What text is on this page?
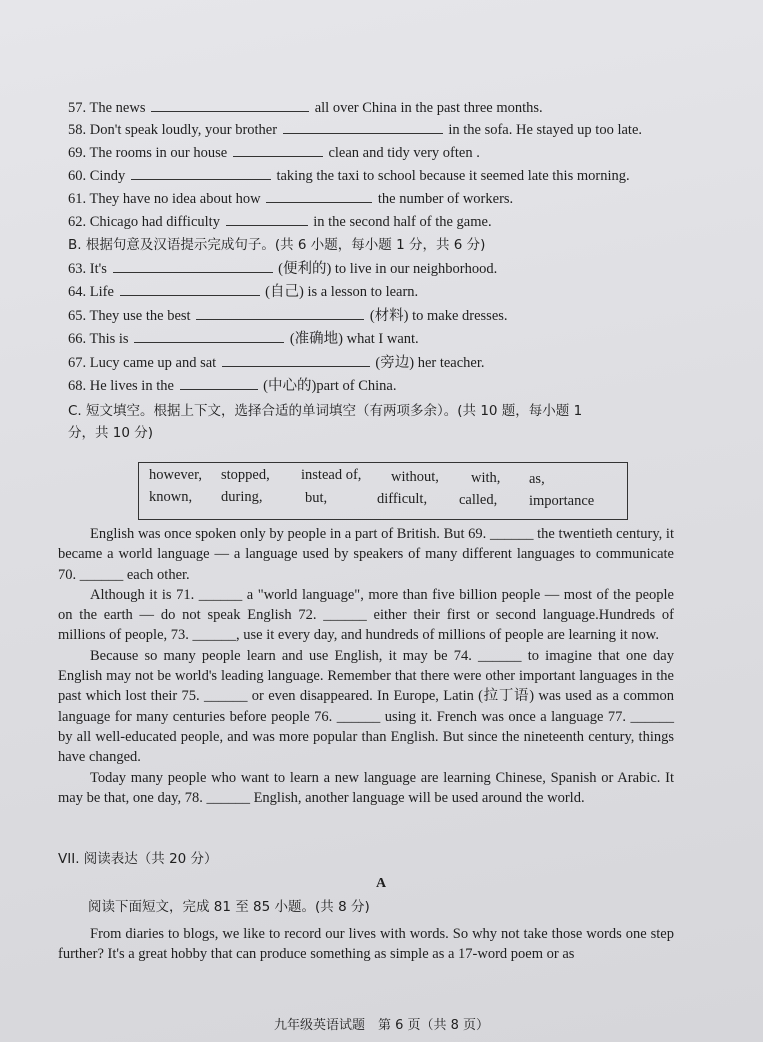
57. The news	all over China in the past three months.
58. Don't speak loudly, your brother	in the sofa. He stayed up too late.
69. The rooms in our house	clean and tidy very often .
60. Cindy	taking the taxi to school because it seemed late this morning.
61. They have no idea about how	the number of workers.
62. Chicago had difficulty	in the second half of the game.
B. 根据句意及汉语提示完成句子。(共 6 小题，每小题 1 分，共 6 分)
63. It's	(便利的) to live in our neighborhood.
64. Life	(自己) is a lesson to learn.
65. They use the best	(材料) to make dresses.
66. This is	(准确地) what I want.
67. Lucy came up and sat	(旁边) her teacher.
68. He lives in the	(中心的)part of China.
C. 短文填空。根据上下文，选择合适的单词填空（有两项多余）。(共 10 题，每小题 1
分，共 10 分)
however, stopped, instead of, without, with, as,
known, during,	but,	difficult, called, importance

English was once spoken only by people in a part of British. But 69. ______ the twentieth century, it became a world language — a language used by speakers of many different languages to communicate 70. ______ each other.

Although it is 71. ______ a "world language", more than five billion people — most of the people on the earth — do not speak English 72. ______ either their first or second language.Hundreds of millions of people, 73. ______, use it every day, and hundreds of millions of people are learning it now.

Because so many people learn and use English, it may be 74. ______ to imagine that one day English may not be world's leading language. Remember that there were other important languages in the past which lost their 75. ______ or even disappeared. In Europe, Latin (拉丁语) was used as a common language for many centuries before people 76. ______ using it. French was once a language 77. ______ by all well-educated people, and was more popular than English. But since the nineteenth century, things have changed.

Today many people who want to learn a new language are learning Chinese, Spanish or Arabic. It may be that, one day, 78. ______ English, another language will be used around the world.

VII. 阅读表达（共 20 分）
A
阅读下面短文，完成 81 至 85 小题。(共 8 分)

From diaries to blogs, we like to record our lives with words. So why not take those words one step further? It's a great hobby that can produce something as simple as a 17-word poem or as

九年级英语试题　第 6 页（共 8 页）
